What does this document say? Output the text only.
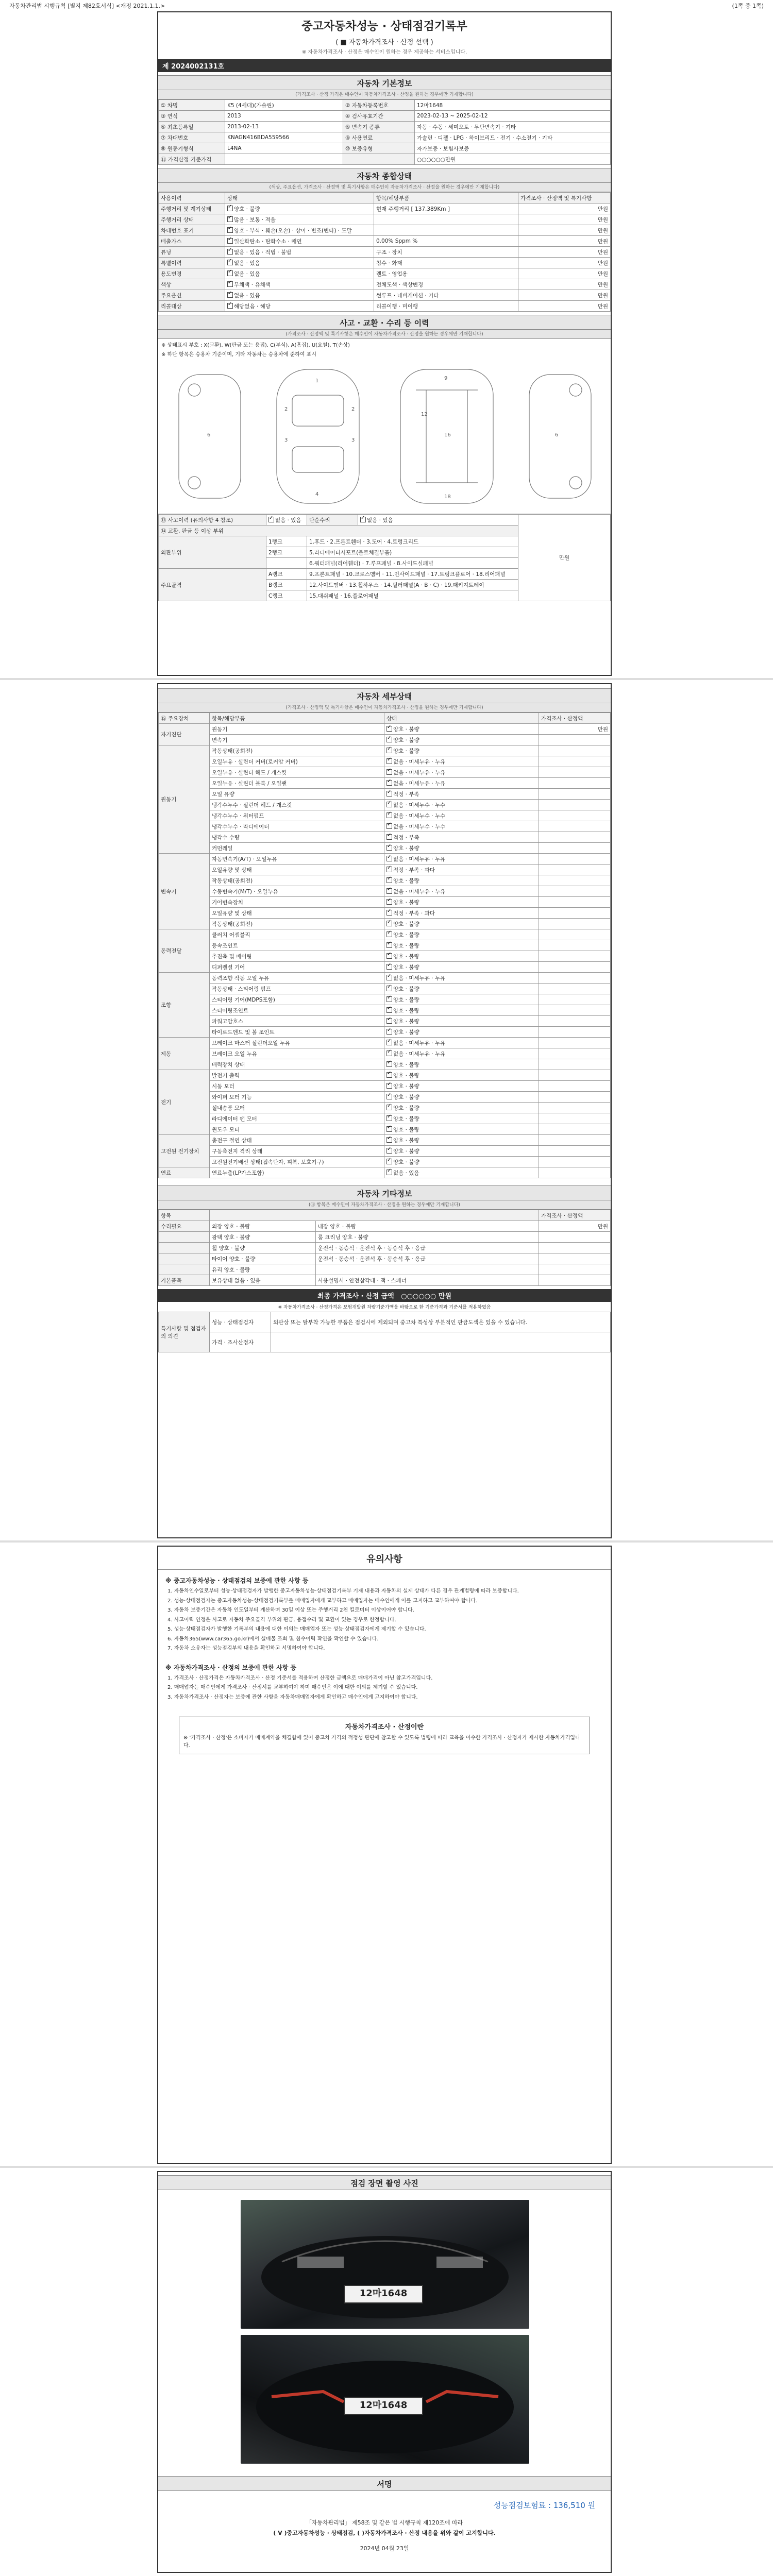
자동차관리법 시행규칙 [별지 제82호서식] <개정 2021.1.1.>	(1쪽 중 1쪽)
중고자동차성능 · 상태점검기록부
( ■ 자동차가격조사 · 산정 선택 )
※ 자동차가격조사 · 산정은 매수인이 원하는 경우 제공하는 서비스입니다.
제 2024002131호
자동차 기본정보
(가격조사 · 산정 가격은 매수인이 자동차가격조사 · 산정을 원하는 경우에만 기재합니다)
① 차명	K5 (4세대)(가솔린)	② 자동차등록번호	12마1648
③ 연식	2013	④ 검사유효기간	2023-02-13 ~ 2025-02-12
⑤ 최초등록일	2013-02-13	⑥ 변속기 종류	자동 · 수동 · 세미오토 · 무단변속기 · 기타
⑦ 차대번호	KNAGN416BDA559566	⑧ 사용연료	가솔린 · 디젤 · LPG · 하이브리드 · 전기 · 수소전기 · 기타
⑨ 원동기형식	L4NA	⑩ 보증유형	자가보증 · 보험사보증
⑪ 가격산정 기준가격			○○○○○○만원
자동차 종합상태
(색상, 주요옵션, 가격조사 · 산정액 및 특기사항은 매수인이 자동차가격조사 · 산정을 원하는 경우에만 기재합니다)
사용이력	상태	항목/해당부품	가격조사 · 산정액 및 특기사항
주행거리 및 계기상태	✓양호 · 불량	현재 주행거리 [ 137,389Km ]	만원
주행거리 상태	✓많음 · 보통 · 적음		만원
차대번호 표기	✓양호 · 부식 · 훼손(오손) · 상이 · 변조(변타) · 도말		만원
배출가스	✓일산화탄소 · 탄화수소 · 매연	0.00% Sppm %	만원
튜닝	✓없음 · 있음 · 적법 · 불법	구조 · 장치	만원
특별이력	✓없음 · 있음	침수 · 화재	만원
용도변경	✓없음 · 있음	렌트 · 영업용	만원
색상	✓무채색 · 유채색	전체도색 · 색상변경	만원
주요옵션	✓없음 · 있음	썬루프 · 네비게이션 · 기타	만원
리콜대상	✓해당없음 · 해당	리콜이행 · 미이행	만원
사고 · 교환 · 수리 등 이력
(가격조사 · 산정액 및 특기사항은 매수인이 자동차가격조사 · 산정을 원하는 경우에만 기재합니다)
※ 상태표시 부호 : X(교환), W(판금 또는 용접), C(부식), A(흠집), U(요철), T(손상)
※ 하단 항목은 승용차 기준이며, 기타 자동차는 승용차에 준하여 표시
1
2	2
3	3
4
9
12
16
18
6	6
⑬ 사고이력 (유의사항 4 참조)	✓없음 · 있음	단순수리	✓없음 · 있음	만원
⑭ 교환, 판금 등 이상 부위				
외판부위	1랭크	1.후드 · 2.프론트휀더 · 3.도어 · 4.트렁크리드		
	2랭크	5.라디에이터서포트(볼트체결부품)		
		6.쿼터패널(리어휀더) · 7.루프패널 · 8.사이드실패널		
주요골격	A랭크	9.프론트패널 · 10.크로스멤버 · 11.인사이드패널 · 17.트렁크플로어 · 18.리어패널		
	B랭크	12.사이드멤버 · 13.휠하우스 · 14.필러패널(A · B · C) · 19.패키지트레이		
	C랭크	15.대쉬패널 · 16.플로어패널		
자동차 세부상태
(가격조사 · 산정액 및 특기사항은 매수인이 자동차가격조사 · 산정을 원하는 경우에만 기재합니다)
⑮ 주요장치	항목/해당부품	상태	가격조사 · 산정액
자기진단	원동기	✓양호 · 불량	만원
	변속기	✓양호 · 불량	
원동기	작동상태(공회전)	✓양호 · 불량	
	오일누유 · 실린더 커버(로커암 커버)	✓없음 · 미세누유 · 누유	
	오일누유 · 실린더 헤드 / 개스킷	✓없음 · 미세누유 · 누유	
	오일누유 · 실린더 블록 / 오일팬	✓없음 · 미세누유 · 누유	
	오일 유량	✓적정 · 부족	
	냉각수누수 · 실린더 헤드 / 개스킷	✓없음 · 미세누수 · 누수	
	냉각수누수 · 워터펌프	✓없음 · 미세누수 · 누수	
	냉각수누수 · 라디에이터	✓없음 · 미세누수 · 누수	
	냉각수 수량	✓적정 · 부족	
	커먼레일	✓양호 · 불량	
변속기	자동변속기(A/T) · 오일누유	✓없음 · 미세누유 · 누유	
	오일유량 및 상태	✓적정 · 부족 · 과다	
	작동상태(공회전)	✓양호 · 불량	
	수동변속기(M/T) · 오일누유	✓없음 · 미세누유 · 누유	
	기어변속장치	✓양호 · 불량	
	오일유량 및 상태	✓적정 · 부족 · 과다	
	작동상태(공회전)	✓양호 · 불량	
동력전달	클러치 어셈블리	✓양호 · 불량	
	등속조인트	✓양호 · 불량	
	추진축 및 베어링	✓양호 · 불량	
	디퍼렌셜 기어	✓양호 · 불량	
조향	동력조향 작동 오일 누유	✓없음 · 미세누유 · 누유	
	작동상태 · 스티어링 펌프	✓양호 · 불량	
	스티어링 기어(MDPS포함)	✓양호 · 불량	
	스티어링조인트	✓양호 · 불량	
	파워고압호스	✓양호 · 불량	
	타이로드엔드 및 볼 조인트	✓양호 · 불량	
제동	브레이크 마스터 실린더오일 누유	✓없음 · 미세누유 · 누유	
	브레이크 오일 누유	✓없음 · 미세누유 · 누유	
	배력장치 상태	✓양호 · 불량	
전기	발전기 출력	✓양호 · 불량	
	시동 모터	✓양호 · 불량	
	와이퍼 모터 기능	✓양호 · 불량	
	실내송풍 모터	✓양호 · 불량	
	라디에이터 팬 모터	✓양호 · 불량	
	윈도우 모터	✓양호 · 불량	
고전원 전기장치	충전구 절연 상태	✓양호 · 불량	
	구동축전지 격리 상태	✓양호 · 불량	
	고전원전기배선 상태(접속단자, 피복, 보호기구)	✓양호 · 불량	
연료	연료누출(LP가스포함)	✓없음 · 있음	
자동차 기타정보
(⑯ 항목은 매수인이 자동차가격조사 · 산정을 원하는 경우에만 기재합니다)
항목			가격조사 · 산정액
수리필요	외장 양호 · 불량	내장 양호 · 불량	만원
	광택 양호 · 불량	룸 크리닝 양호 · 불량	
	휠 양호 · 불량	운전석 · 동승석 · 운전석 후 · 동승석 후 · 응급	
	타이어 양호 · 불량	운전석 · 동승석 · 운전석 후 · 동승석 후 · 응급	
	유리 양호 · 불량		
기본품목	보유상태 없음 · 있음	사용설명서 · 안전삼각대 · 잭 · 스패너	
최종 가격조사 · 산정 금액 ○○○○○○ 만원
※ 자동차가격조사 · 산정가격은 보험개발원 차량기준가액을 바탕으로 한 기준가격과 기준서를 적용하였음
특기사항 및 점검자의 의견	성능 · 상태점검자	외관상 또는 탈부착 가능한 부품은 점검시에 제외되며 중고차 특성상 부분적인 판금도색은 있을 수 있습니다.
	가격 · 조사산정자	
유의사항
※ 중고자동차성능 · 상태점검의 보증에 관한 사항 등

1. 자동차인수일로부터 성능·상태점검자가 발행한 중고자동차성능·상태점검기록부 기재 내용과 자동차의 실제 상태가 다른 경우 관계법령에 따라 보증합니다.

2. 성능·상태점검자는 중고자동차성능·상태점검기록부를 매매업자에게 교부하고 매매업자는 매수인에게 이를 고지하고 교부하여야 합니다.

3. 자동차 보증기간은 자동차 인도일부터 계산하며 30일 이상 또는 주행거리 2천 킬로미터 이상이어야 합니다.

4. 사고이력 인정은 사고로 자동차 주요골격 부위의 판금, 용접수리 및 교환이 있는 경우로 한정합니다.

5. 성능·상태점검자가 발행한 기록부의 내용에 대한 이의는 매매업자 또는 성능·상태점검자에게 제기할 수 있습니다.

6. 자동차365(www.car365.go.kr)에서 실매물 조회 및 침수이력 확인을 확인할 수 있습니다.

7. 자동차 소유자는 성능점검부의 내용을 확인하고 서명하여야 합니다.

※ 자동차가격조사 · 산정의 보증에 관한 사항 등

1. 가격조사 · 산정가격은 자동차가격조사 · 산정 기준서를 적용하여 산정한 금액으로 매매가격이 아닌 참고가격입니다.

2. 매매업자는 매수인에게 가격조사 · 산정서를 교부하여야 하며 매수인은 이에 대한 이의를 제기할 수 있습니다.

3. 자동차가격조사 · 산정자는 보증에 관한 사항을 자동차매매업자에게 확인하고 매수인에게 고지하여야 합니다.

자동차가격조사 · 산정이란
※ '가격조사 · 산정'은 소비자가 매매계약을 체결함에 있어 중고차 가격의 적정성 판단에 참고할 수 있도록 법령에 따라 교육을 이수한 가격조사 · 산정자가 제시한 자동차가격입니다.
점검 장면 촬영 사진
12마1648
12마1648
서명
성능점검보험료 : 136,510 원
「자동차관리법」 제58조 및 같은 법 시행규칙 제120조에 따라
( V )중고자동차성능 · 상태점검, ( )자동차가격조사 · 산정 내용을 위와 같이 고지합니다.
2024년 04월 23일
